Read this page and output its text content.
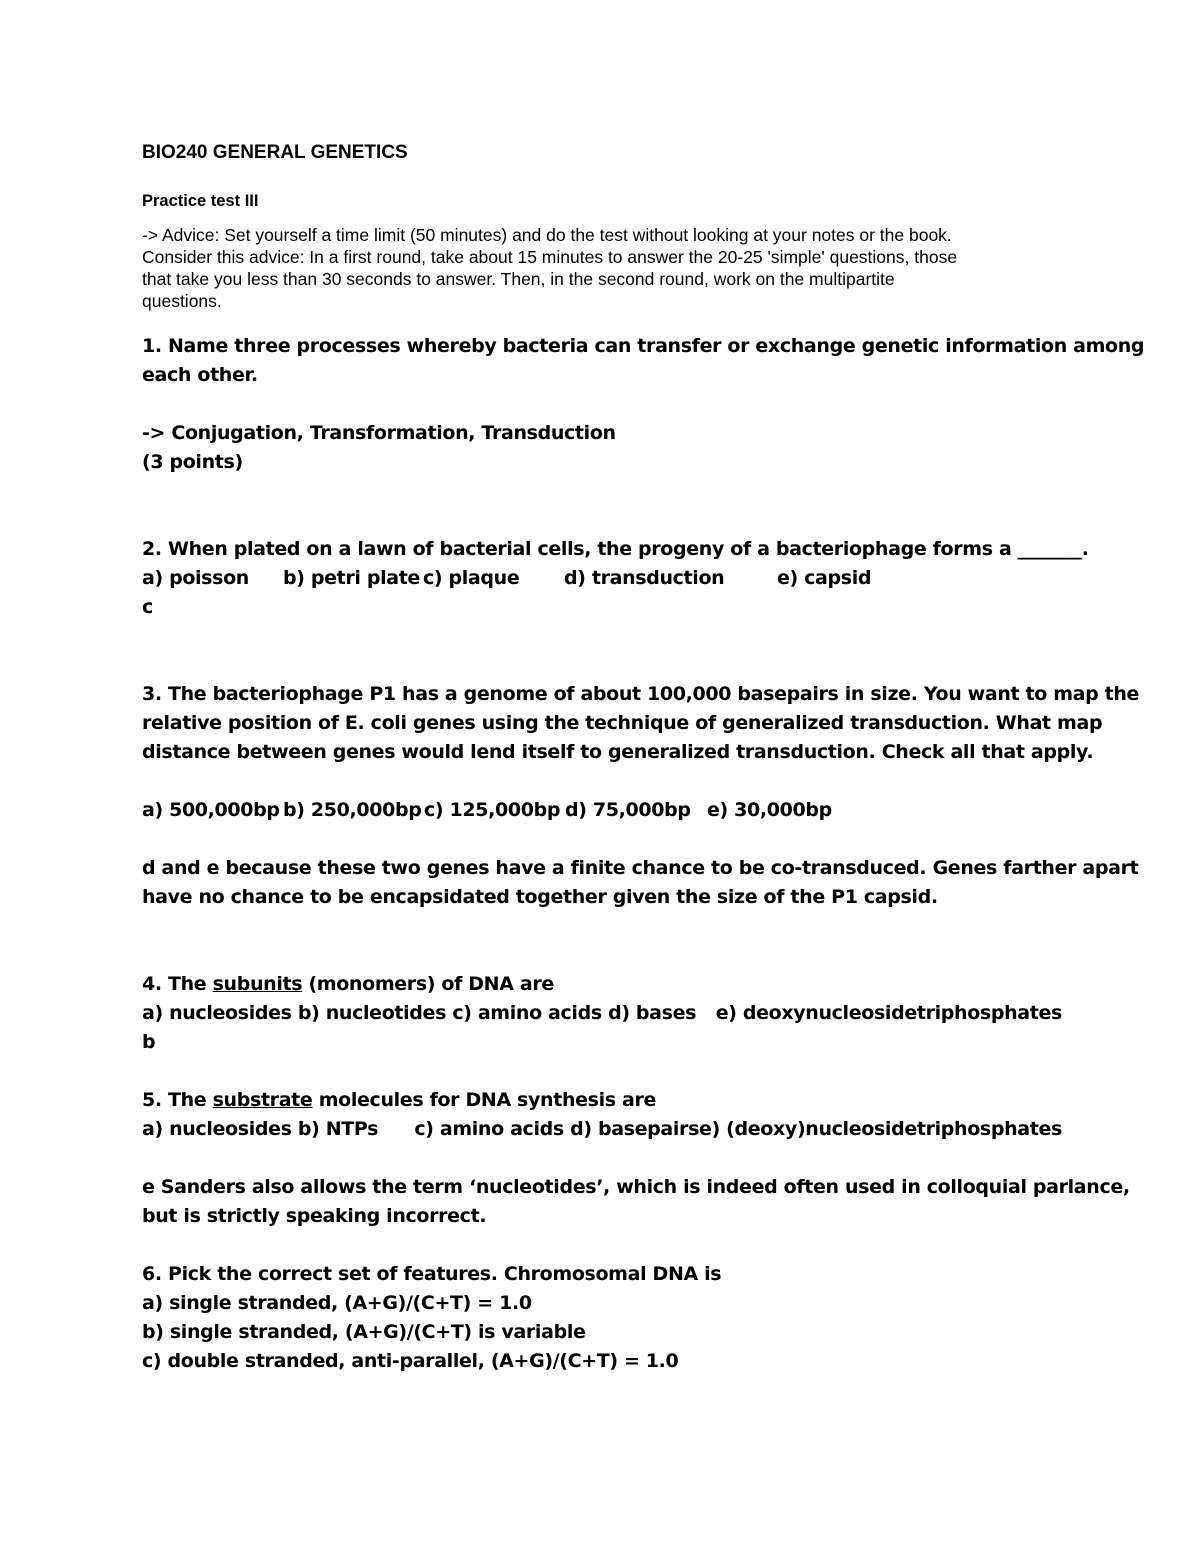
BIO240 GENERAL GENETICS
Practice test III
-> Advice: Set yourself a time limit (50 minutes) and do the test without looking at your notes or the book.
Consider this advice: In a first round, take about 15 minutes to answer the 20-25 'simple' questions, those
that take you less than 30 seconds to answer. Then, in the second round, work on the multipartite
questions.
1. Name three processes whereby bacteria can transfer or exchange genetic information among
each other.
-> Conjugation, Transformation, Transduction
(3 points)
2. When plated on a lawn of bacterial cells, the progeny of a bacteriophage forms a _______.
a) poisson	b) petri plate c) plaque	d) transduction	e) capsid
c
3. The bacteriophage P1 has a genome of about 100,000 basepairs in size. You want to map the
relative position of E. coli genes using the technique of generalized transduction. What map
distance between genes would lend itself to generalized transduction. Check all that apply.
a) 500,000bp b) 250,000bp c) 125,000bp d) 75,000bp e) 30,000bp
d and e because these two genes have a finite chance to be co-transduced. Genes farther apart
have no chance to be encapsidated together given the size of the P1 capsid.
4. The subunits (monomers) of DNA are
a) nucleosides
b) nucleotides
c) amino acids
d) bases	e) deoxynucleosidetriphosphates
b
5. The substrate molecules for DNA synthesis are
a) nucleosides
b) NTPs	c) amino acids
d) basepairs e) (deoxy)nucleosidetriphosphates
e Sanders also allows the term ‘nucleotides’, which is indeed often used in colloquial parlance,
but is strictly speaking incorrect.
6. Pick the correct set of features. Chromosomal DNA is
a) single stranded, (A+G)/(C+T) = 1.0
b) single stranded, (A+G)/(C+T) is variable
c) double stranded, anti-parallel, (A+G)/(C+T) = 1.0
